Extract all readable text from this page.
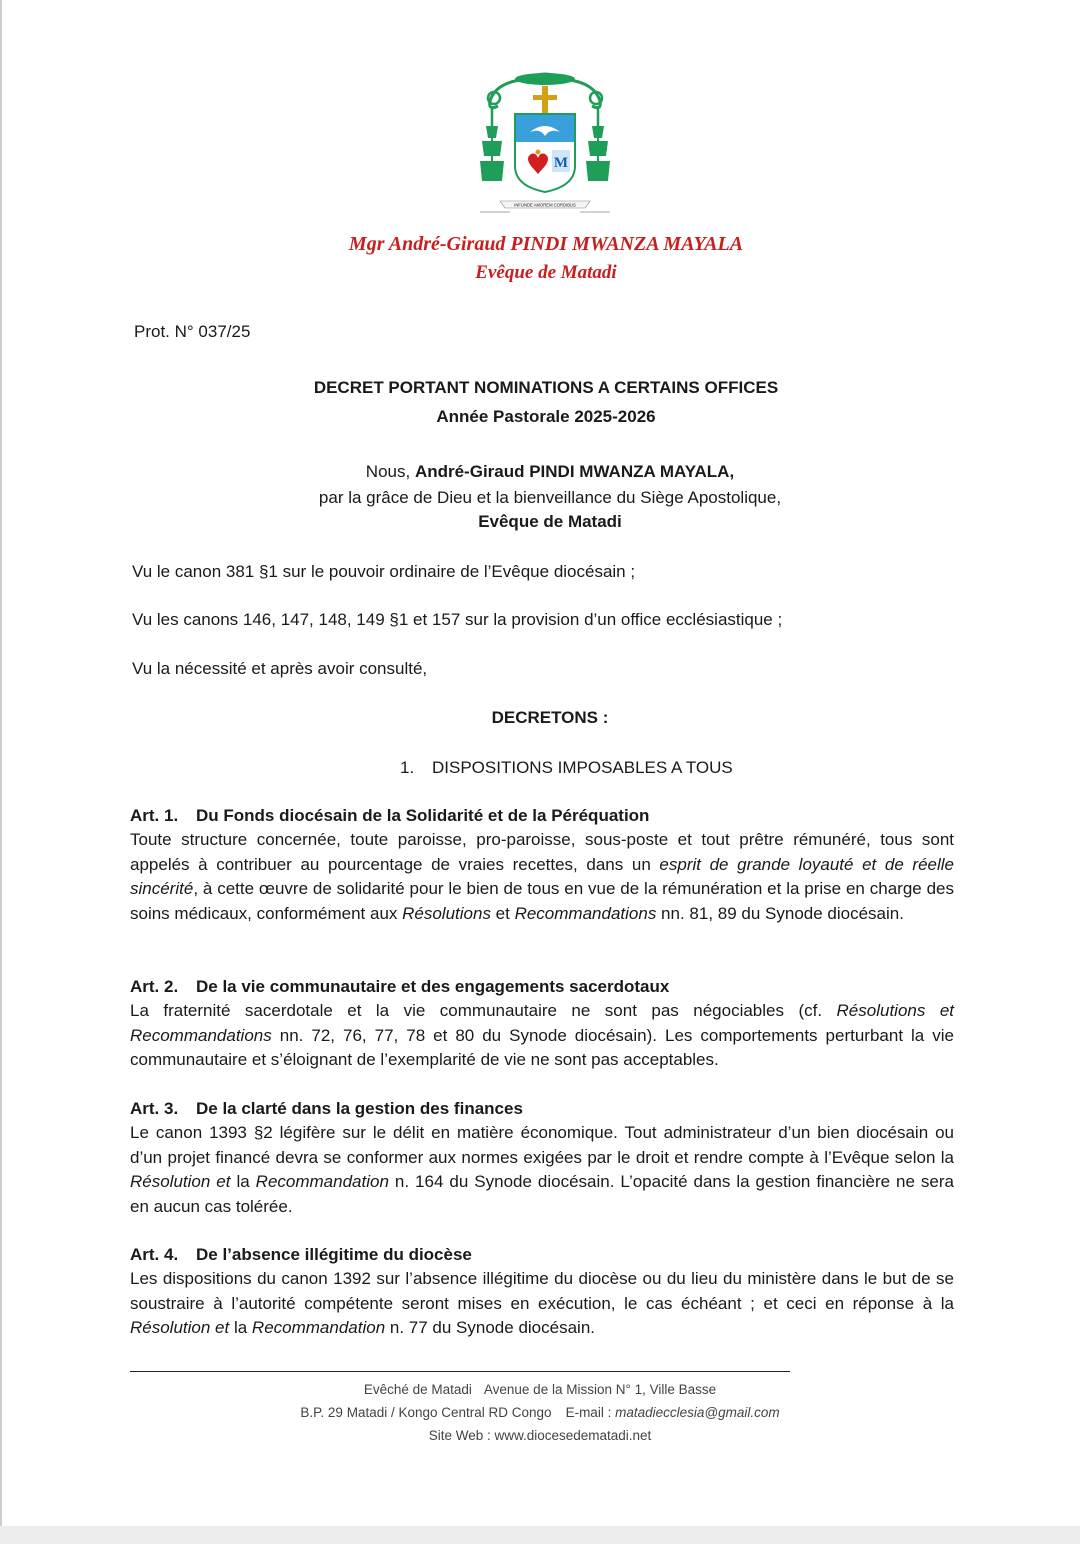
M
INFUNDE AMOREM CORDIBUS
Mgr André-Giraud PINDI MWANZA MAYALA
Evêque de Matadi
Prot. N° 037/25
DECRET PORTANT NOMINATIONS A CERTAINS OFFICES
Année Pastorale 2025-2026
Nous, André-Giraud PINDI MWANZA MAYALA,
par la grâce de Dieu et la bienveillance du Siège Apostolique,
Evêque de Matadi
Vu le canon 381 §1 sur le pouvoir ordinaire de l’Evêque diocésain ;
Vu les canons 146, 147, 148, 149 §1 et 157 sur la provision d’un office ecclésiastique ;
Vu la nécessité et après avoir consulté,
DECRETONS :
1. DISPOSITIONS IMPOSABLES A TOUS
Art. 1. Du Fonds diocésain de la Solidarité et de la Péréquation
Toute structure concernée, toute paroisse, pro-paroisse, sous-poste et tout prêtre rémunéré, tous sont appelés à contribuer au pourcentage de vraies recettes, dans un esprit de grande loyauté et de réelle sincérité, à cette œuvre de solidarité pour le bien de tous en vue de la rémunération et la prise en charge des soins médicaux, conformément aux Résolutions et Recommandations nn. 81, 89 du Synode diocésain.
Art. 2. De la vie communautaire et des engagements sacerdotaux
La fraternité sacerdotale et la vie communautaire ne sont pas négociables (cf. Résolutions et Recommandations nn. 72, 76, 77, 78 et 80 du Synode diocésain). Les comportements perturbant la vie communautaire et s’éloignant de l’exemplarité de vie ne sont pas acceptables.
Art. 3. De la clarté dans la gestion des finances
Le canon 1393 §2 légifère sur le délit en matière économique. Tout administrateur d’un bien diocésain ou d’un projet financé devra se conformer aux normes exigées par le droit et rendre compte à l’Evêque selon la Résolution et la Recommandation n. 164 du Synode diocésain. L’opacité dans la gestion financière ne sera en aucun cas tolérée.
Art. 4. De l’absence illégitime du diocèse
Les dispositions du canon 1392 sur l’absence illégitime du diocèse ou du lieu du ministère dans le but de se soustraire à l’autorité compétente seront mises en exécution, le cas échéant ; et ceci en réponse à la Résolution et la Recommandation n. 77 du Synode diocésain.
Evêché de Matadi Avenue de la Mission N° 1, Ville Basse
B.P. 29 Matadi / Kongo Central RD Congo E-mail : matadiecclesia@gmail.com
Site Web : www.diocesedematadi.net
